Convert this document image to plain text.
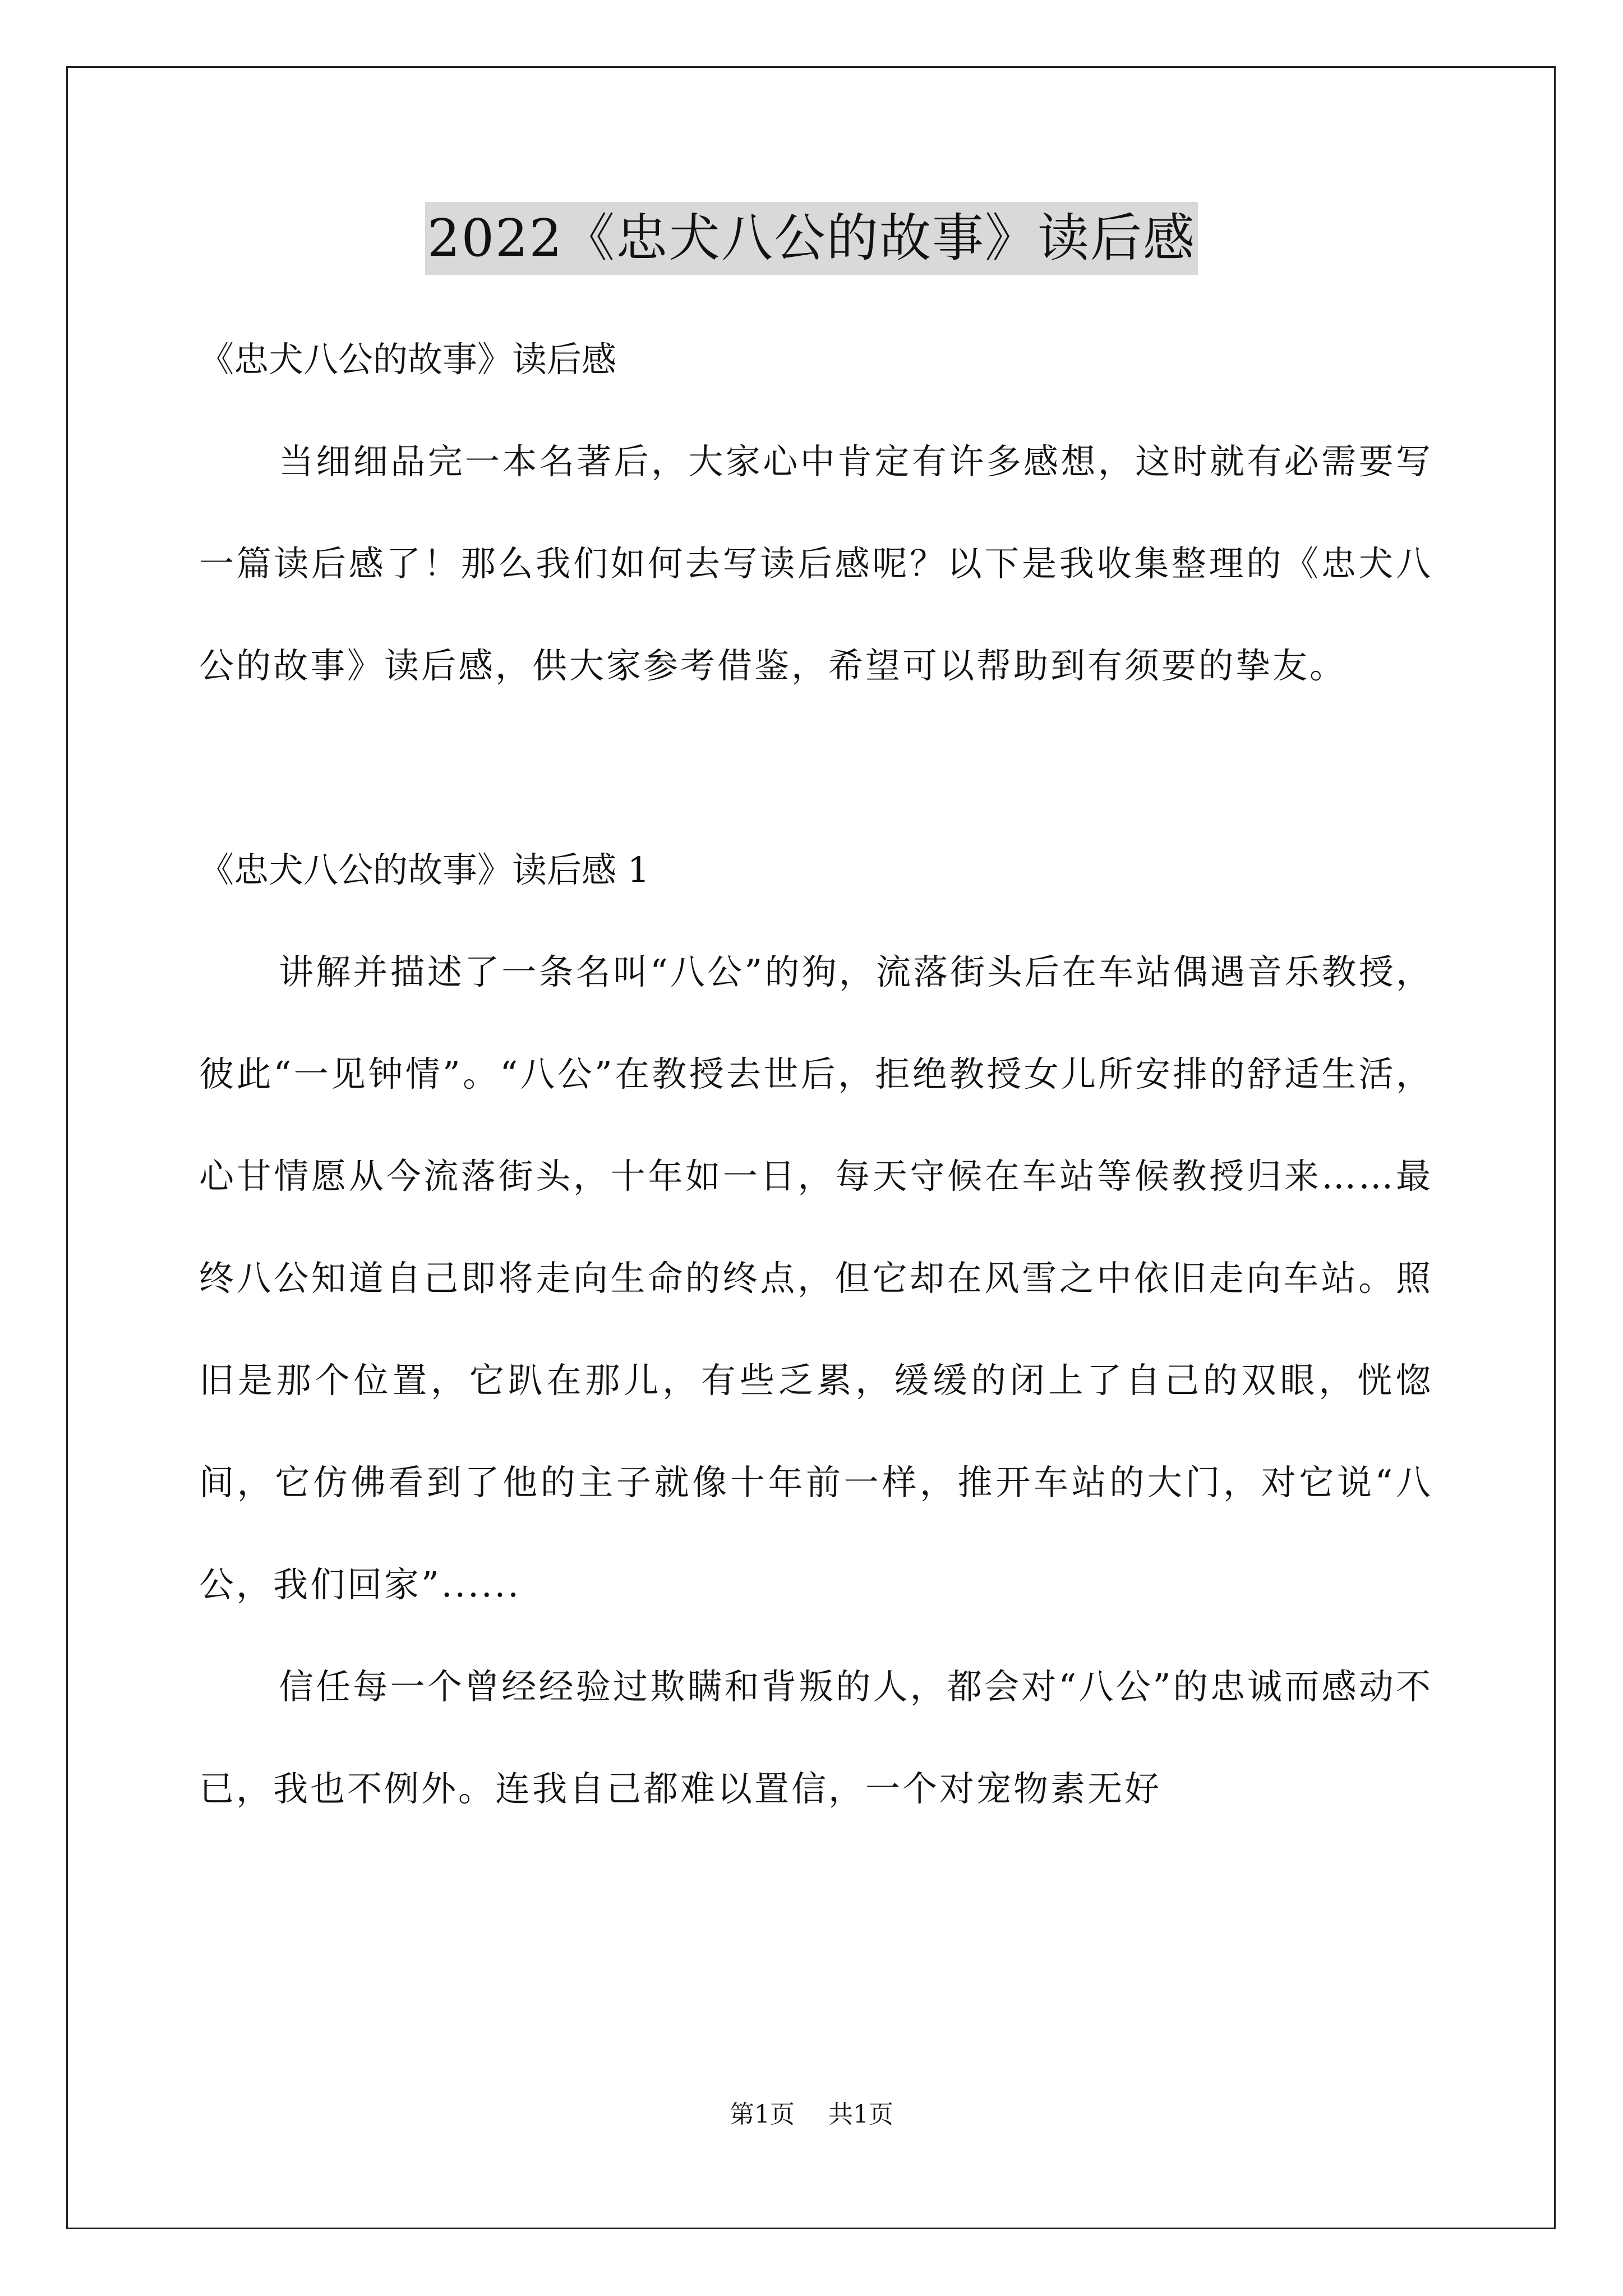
2022《忠犬八公的故事》读后感

《忠犬八公的故事》读后感

当细细品完一本名著后，大家心中肯定有许多感想，这时就有必需要写一篇读后感了！那么我们如何去写读后感呢？以下是我收集整理的《忠犬八公的故事》读后感，供大家参考借鉴，希望可以帮助到有须要的挚友。

《忠犬八公的故事》读后感 1

讲解并描述了一条名叫“八公”的狗，流落街头后在车站偶遇音乐教授，彼此“一见钟情”。“八公”在教授去世后，拒绝教授女儿所安排的舒适生活，心甘情愿从今流落街头，十年如一日，每天守候在车站等候教授归来……最终八公知道自己即将走向生命的终点，但它却在风雪之中依旧走向车站。照旧是那个位置，它趴在那儿，有些乏累，缓缓的闭上了自己的双眼，恍惚间，它仿佛看到了他的主子就像十年前一样，推开车站的大门，对它说“八公，我们回家”......

信任每一个曾经经验过欺瞒和背叛的人，都会对“八公”的忠诚而感动不已，我也不例外。连我自己都难以置信，一个对宠物素无好

第1页 共1页
